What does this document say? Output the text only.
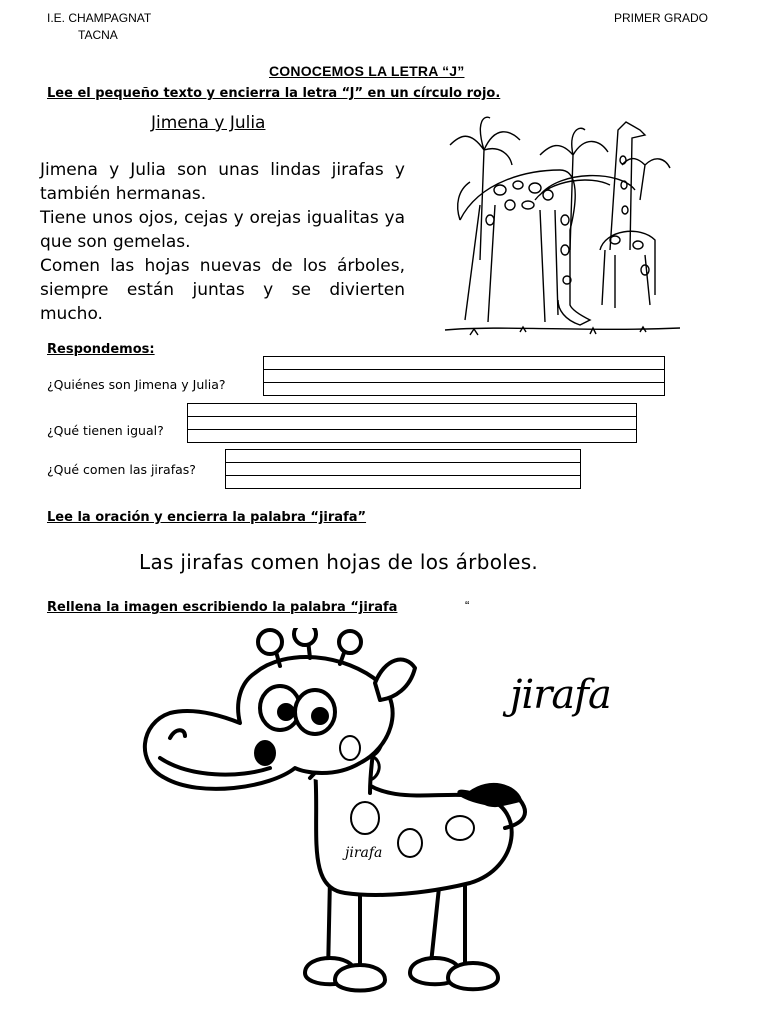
I.E. CHAMPAGNAT
TACNA
PRIMER GRADO
CONOCEMOS LA LETRA “J”
Lee el pequeño texto y encierra la letra “J” en un círculo rojo.
Jimena y Julia

Jimena y Julia son unas lindas jirafas y también hermanas.

Tiene unos ojos, cejas y orejas igualitas ya que son gemelas.

Comen las hojas nuevas de los árboles, siempre están juntas y se divierten mucho.

Respondemos:
¿Quiénes son Jimena y Julia?
¿Qué tienen igual?
¿Qué comen las jirafas?
Lee la oración y encierra la palabra “jirafa”
Las jirafas comen hojas de los árboles.
Rellena la imagen escribiendo la palabra “jirafa	“
jirafa
jirafa
